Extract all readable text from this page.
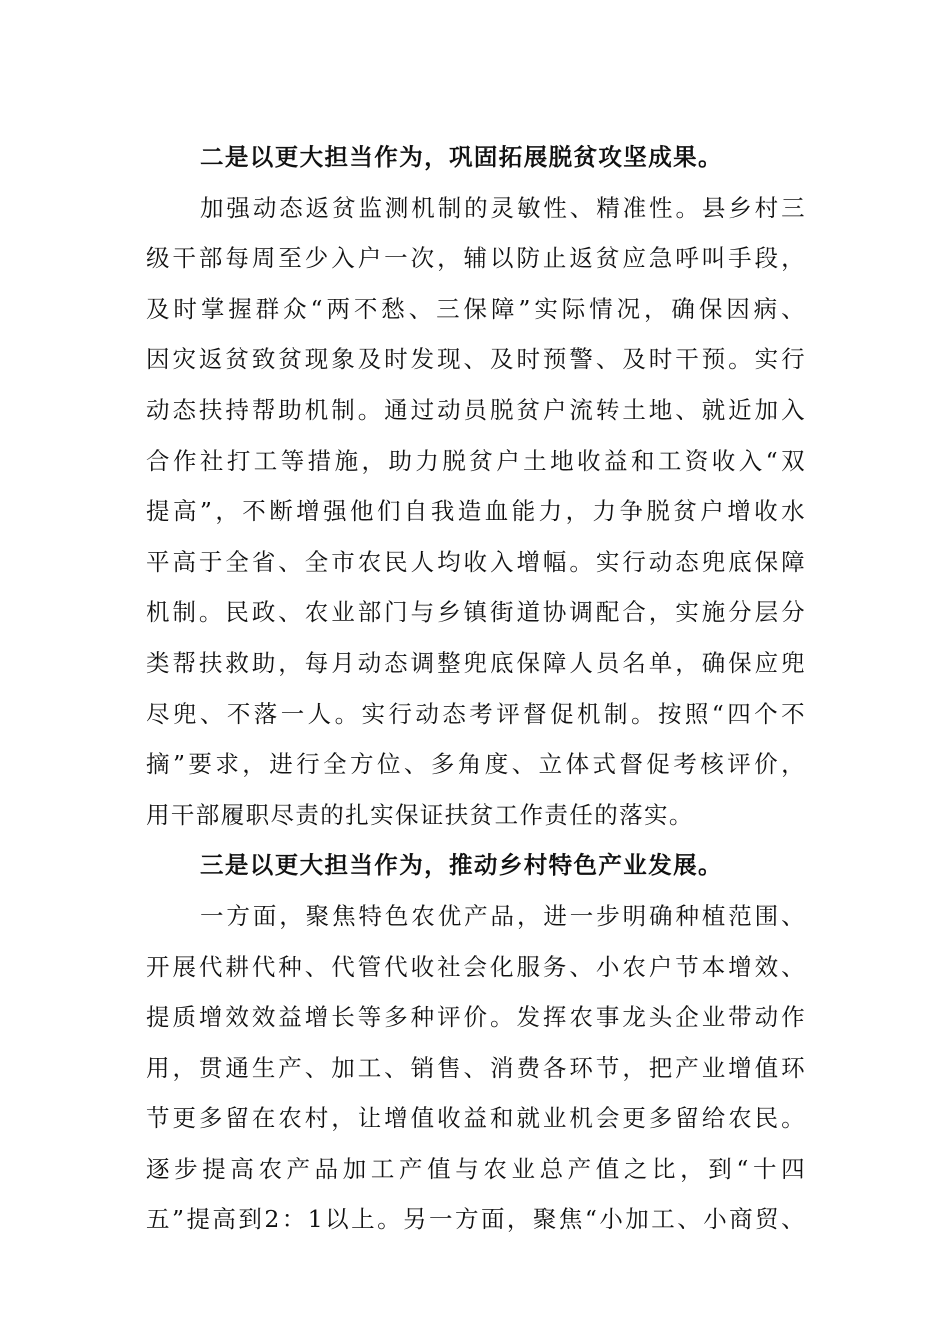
二是以更大担当作为，巩固拓展脱贫攻坚成果。
加强动态返贫监测机制的灵敏性、精准性。县乡村三
级干部每周至少入户一次，辅以防止返贫应急呼叫手段，
及时掌握群众“两不愁、三保障”实际情况，确保因病、
因灾返贫致贫现象及时发现、及时预警、及时干预。实行
动态扶持帮助机制。通过动员脱贫户流转土地、就近加入
合作社打工等措施，助力脱贫户土地收益和工资收入“双
提高”，不断增强他们自我造血能力，力争脱贫户增收水
平高于全省、全市农民人均收入增幅。实行动态兜底保障
机制。民政、农业部门与乡镇街道协调配合，实施分层分
类帮扶救助，每月动态调整兜底保障人员名单，确保应兜
尽兜、不落一人。实行动态考评督促机制。按照“四个不
摘”要求，进行全方位、多角度、立体式督促考核评价，
用干部履职尽责的扎实保证扶贫工作责任的落实。
三是以更大担当作为，推动乡村特色产业发展。
一方面，聚焦特色农优产品，进一步明确种植范围、
开展代耕代种、代管代收社会化服务、小农户节本增效、
提质增效效益增长等多种评价。发挥农事龙头企业带动作
用，贯通生产、加工、销售、消费各环节，把产业增值环
节更多留在农村，让增值收益和就业机会更多留给农民。
逐步提高农产品加工产值与农业总产值之比，到“十四
五”提高到2：1以上。另一方面，聚焦“小加工、小商贸、
